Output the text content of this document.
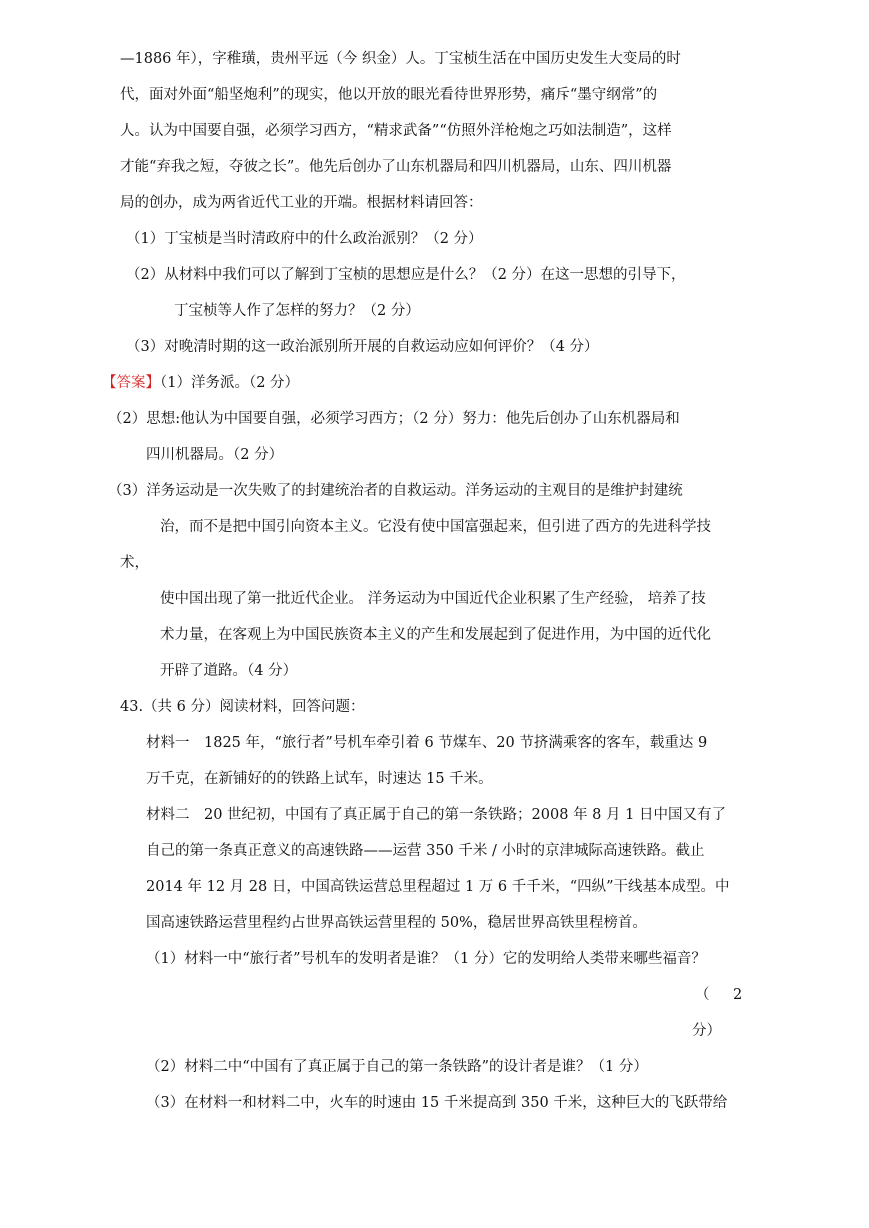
—1886 年），字稚璜，贵州平远（今 织金）人。丁宝桢生活在中国历史发生大变局的时
代，面对外面“船坚炮利”的现实，他以开放的眼光看待世界形势，痛斥“墨守纲常”的
人。认为中国要自强，必须学习西方，“精求武备”“仿照外洋枪炮之巧如法制造”，这样
才能“弃我之短，夺彼之长”。他先后创办了山东机器局和四川机器局，山东、四川机器
局的创办，成为两省近代工业的开端。根据材料请回答：
（1）丁宝桢是当时清政府中的什么政治派别？（2 分）
（2）从材料中我们可以了解到丁宝桢的思想应是什么？（2 分）在这一思想的引导下，
丁宝桢等人作了怎样的努力？（2 分）
（3）对晚清时期的这一政治派别所开展的自救运动应如何评价？（4 分）
【答案】（1）洋务派。（2 分）
（2）思想:他认为中国要自强，必须学习西方；（2 分）努力：他先后创办了山东机器局和
四川机器局。（2 分）
（3）洋务运动是一次失败了的封建统治者的自救运动。洋务运动的主观目的是维护封建统
治，而不是把中国引向资本主义。它没有使中国富强起来，但引进了西方的先进科学技
术，
使中国出现了第一批近代企业。 洋务运动为中国近代企业积累了生产经验， 培养了技
术力量，在客观上为中国民族资本主义的产生和发展起到了促进作用，为中国的近代化
开辟了道路。（4 分）
43.（共 6 分）阅读材料，回答问题：
材料一　1825 年，“旅行者”号机车牵引着 6 节煤车、20 节挤满乘客的客车，载重达 9
万千克，在新铺好的的铁路上试车，时速达 15 千米。
材料二　20 世纪初，中国有了真正属于自己的第一条铁路；2008 年 8 月 1 日中国又有了
自己的第一条真正意义的高速铁路——运营 350 千米 / 小时的京津城际高速铁路。截止
2014 年 12 月 28 日，中国高铁运营总里程超过 1 万 6 千千米，“四纵”干线基本成型。中
国高速铁路运营里程约占世界高铁运营里程的 50%，稳居世界高铁里程榜首。
（1）材料一中“旅行者”号机车的发明者是谁？（1 分）它的发明给人类带来哪些福音？
（ 2
分）
（2）材料二中“中国有了真正属于自己的第一条铁路”的设计者是谁？（1 分）
（3）在材料一和材料二中，火车的时速由 15 千米提高到 350 千米，这种巨大的飞跃带给
